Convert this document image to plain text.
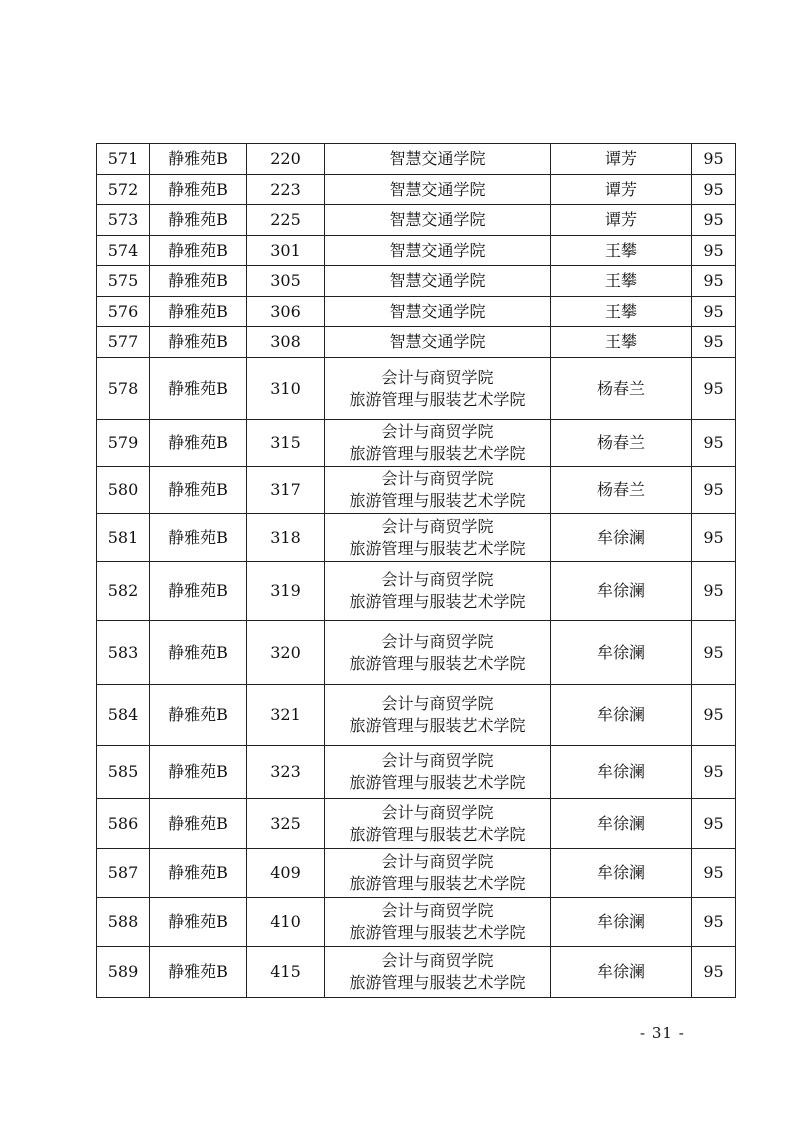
571	静雅苑B	220	智慧交通学院	谭芳	95
572	静雅苑B	223	智慧交通学院	谭芳	95
573	静雅苑B	225	智慧交通学院	谭芳	95
574	静雅苑B	301	智慧交通学院	王攀	95
575	静雅苑B	305	智慧交通学院	王攀	95
576	静雅苑B	306	智慧交通学院	王攀	95
577	静雅苑B	308	智慧交通学院	王攀	95
578	静雅苑B	310	会计与商贸学院
旅游管理与服装艺术学院	杨春兰	95
579	静雅苑B	315	会计与商贸学院
旅游管理与服装艺术学院	杨春兰	95
580	静雅苑B	317	会计与商贸学院
旅游管理与服装艺术学院	杨春兰	95
581	静雅苑B	318	会计与商贸学院
旅游管理与服装艺术学院	牟徐澜	95
582	静雅苑B	319	会计与商贸学院
旅游管理与服装艺术学院	牟徐澜	95
583	静雅苑B	320	会计与商贸学院
旅游管理与服装艺术学院	牟徐澜	95
584	静雅苑B	321	会计与商贸学院
旅游管理与服装艺术学院	牟徐澜	95
585	静雅苑B	323	会计与商贸学院
旅游管理与服装艺术学院	牟徐澜	95
586	静雅苑B	325	会计与商贸学院
旅游管理与服装艺术学院	牟徐澜	95
587	静雅苑B	409	会计与商贸学院
旅游管理与服装艺术学院	牟徐澜	95
588	静雅苑B	410	会计与商贸学院
旅游管理与服装艺术学院	牟徐澜	95
589	静雅苑B	415	会计与商贸学院
旅游管理与服装艺术学院	牟徐澜	95
- 31 -
